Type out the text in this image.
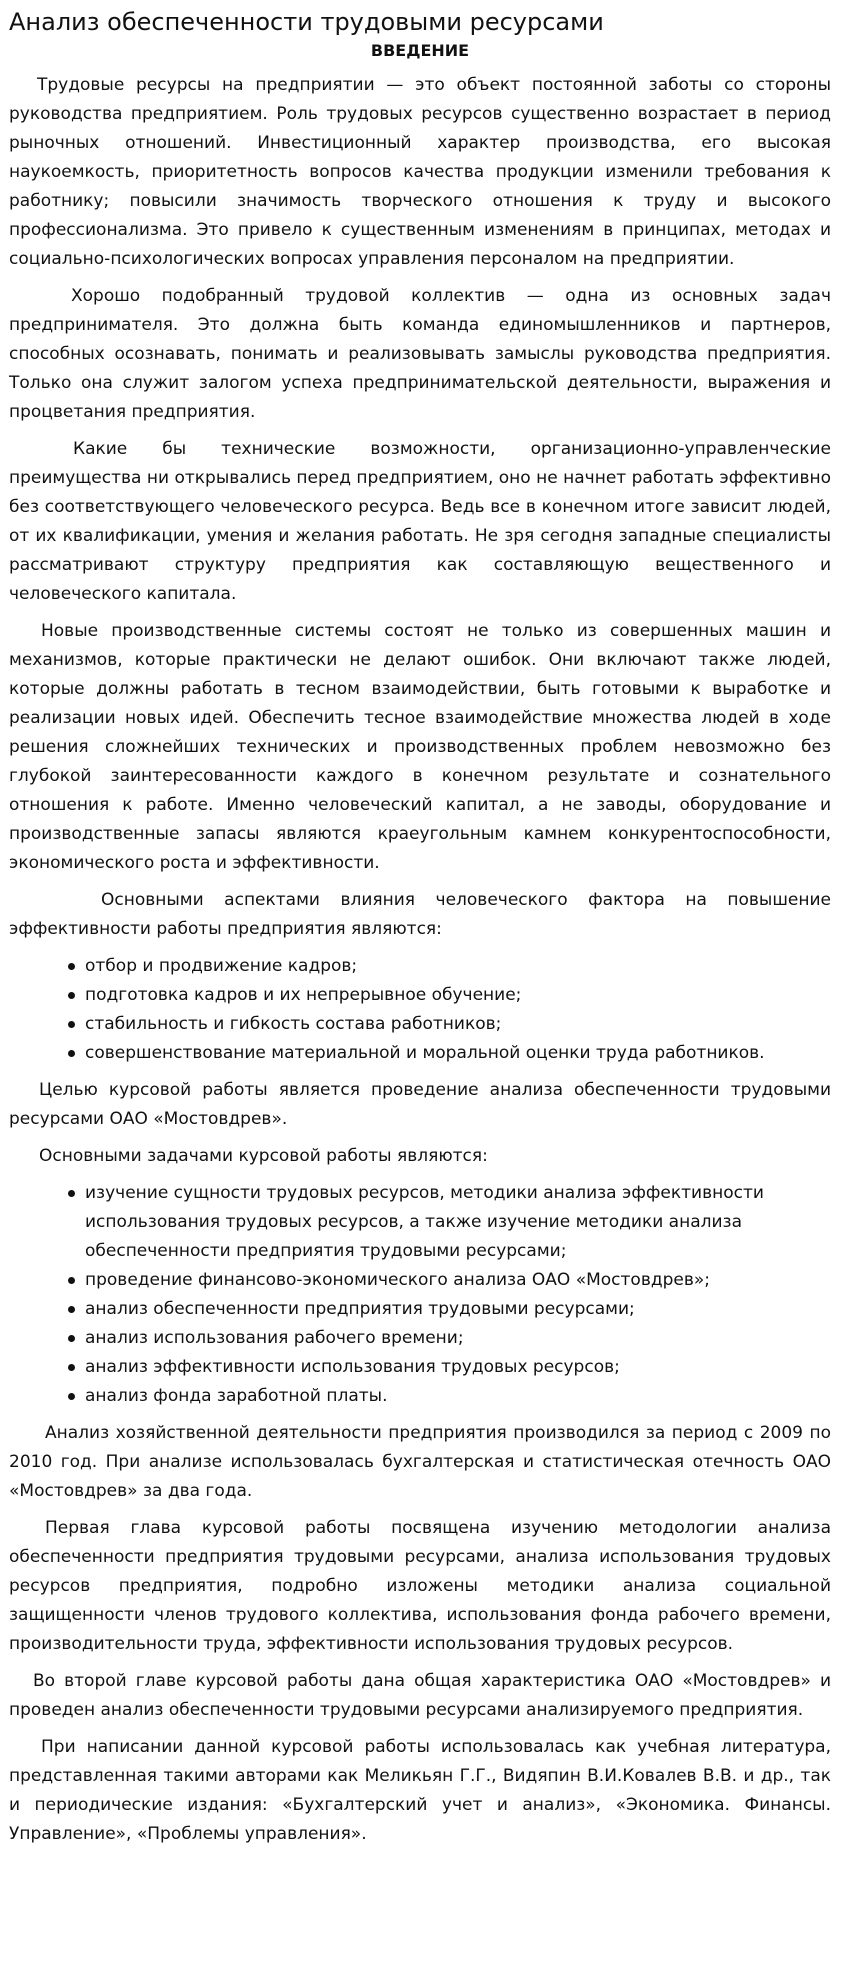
Анализ обеспеченности трудовыми ресурсами
ВВЕДЕНИЕ

Трудовые ресурсы на предприятии — это объект постоянной заботы со стороны руководства предприятием. Роль трудовых ресурсов существенно возрастает в период рыночных отношений. Инвестиционный характер производства, его высокая наукоемкость, приоритетность вопросов качества продукции изменили требования к работнику; повысили значимость творческого отношения к труду и высокого профессионализма. Это привело к существенным изменениям в принципах, методах и социально-психологических вопросах управления персоналом на предприятии.

Хорошо подобранный трудовой коллектив — одна из основных задач предпринимателя. Это должна быть команда единомышленников и партнеров, способных осознавать, понимать и реализовывать замыслы руководства предприятия. Только она служит залогом успеха предпринимательской деятельности, выражения и процветания предприятия.

Какие бы технические возможности, организационно-управленческие преимущества ни открывались перед предприятием, оно не начнет работать эффективно без соответствующего человеческого ресурса. Ведь все в конечном итоге зависит людей, от их квалификации, умения и желания работать. Не зря сегодня западные специалисты рассматривают структуру предприятия как составляющую вещественного и человеческого капитала.

Новые производственные системы состоят не только из совершенных машин и механизмов, которые практически не делают ошибок. Они включают также людей, которые должны работать в тесном взаимодействии, быть готовыми к выработке и реализации новых идей. Обеспечить тесное взаимодействие множества людей в ходе решения сложнейших технических и производственных проблем невозможно без глубокой заинтересованности каждого в конечном результате и сознательного отношения к работе. Именно человеческий капитал, а не заводы, оборудование и производственные запасы являются краеугольным камнем конкурентоспособности, экономического роста и эффективности.

Основными аспектами влияния человеческого фактора на повышение эффективности работы предприятия являются:

отбор и продвижение кадров;
подготовка кадров и их непрерывное обучение;
стабильность и гибкость состава работников;
совершенствование материальной и моральной оценки труда работников.

Целью курсовой работы является проведение анализа обеспеченности трудовыми ресурсами ОАО «Мостовдрев».

Основными задачами курсовой работы являются:

изучение сущности трудовых ресурсов, методики анализа эффективности использования трудовых ресурсов, а также изучение методики анализа обеспеченности предприятия трудовыми ресурсами;
проведение финансово-экономического анализа ОАО «Мостовдрев»;
анализ обеспеченности предприятия трудовыми ресурсами;
анализ использования рабочего времени;
анализ эффективности использования трудовых ресурсов;
анализ фонда заработной платы.

Анализ хозяйственной деятельности предприятия производился за период с 2009 по 2010 год. При анализе использовалась бухгалтерская и статистическая отечность ОАО «Мостовдрев» за два года.

Первая глава курсовой работы посвящена изучению методологии анализа обеспеченности предприятия трудовыми ресурсами, анализа использования трудовых ресурсов предприятия, подробно изложены методики анализа социальной защищенности членов трудового коллектива, использования фонда рабочего времени, производительности труда, эффективности использования трудовых ресурсов.

Во второй главе курсовой работы дана общая характеристика ОАО «Мостовдрев» и проведен анализ обеспеченности трудовыми ресурсами анализируемого предприятия.

При написании данной курсовой работы использовалась как учебная литература, представленная такими авторами как Меликьян Г.Г., Видяпин В.И.Ковалев В.В. и др., так и периодические издания: «Бухгалтерский учет и анализ», «Экономика. Финансы. Управление», «Проблемы управления».
